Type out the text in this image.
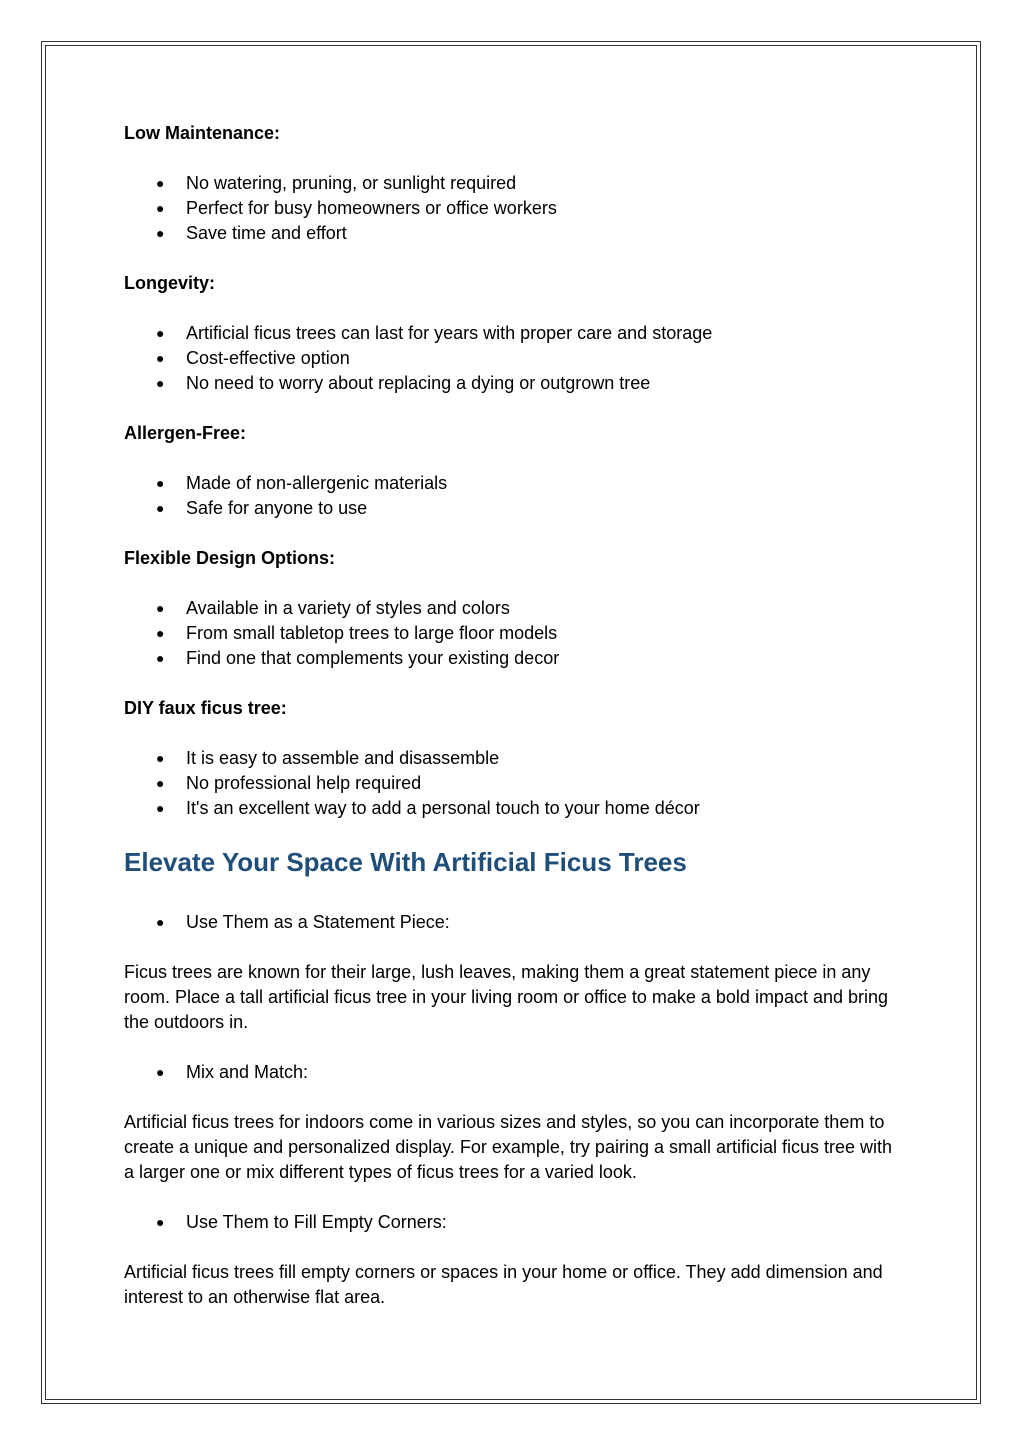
Low Maintenance:
● No watering, pruning, or sunlight required
● Perfect for busy homeowners or office workers
● Save time and effort
Longevity:
● Artificial ficus trees can last for years with proper care and storage
● Cost-effective option
● No need to worry about replacing a dying or outgrown tree
Allergen-Free:
● Made of non-allergenic materials
● Safe for anyone to use
Flexible Design Options:
● Available in a variety of styles and colors
● From small tabletop trees to large floor models
● Find one that complements your existing decor
DIY faux ficus tree:
● It is easy to assemble and disassemble
● No professional help required
● It's an excellent way to add a personal touch to your home décor
Elevate Your Space With Artificial Ficus Trees
● Use Them as a Statement Piece:

Ficus trees are known for their large, lush leaves, making them a great statement piece in any room. Place a tall artificial ficus tree in your living room or office to make a bold impact and bring the outdoors in.

● Mix and Match:

Artificial ficus trees for indoors come in various sizes and styles, so you can incorporate them to create a unique and personalized display. For example, try pairing a small artificial ficus tree with a larger one or mix different types of ficus trees for a varied look.

● Use Them to Fill Empty Corners:

Artificial ficus trees fill empty corners or spaces in your home or office. They add dimension and interest to an otherwise flat area.
